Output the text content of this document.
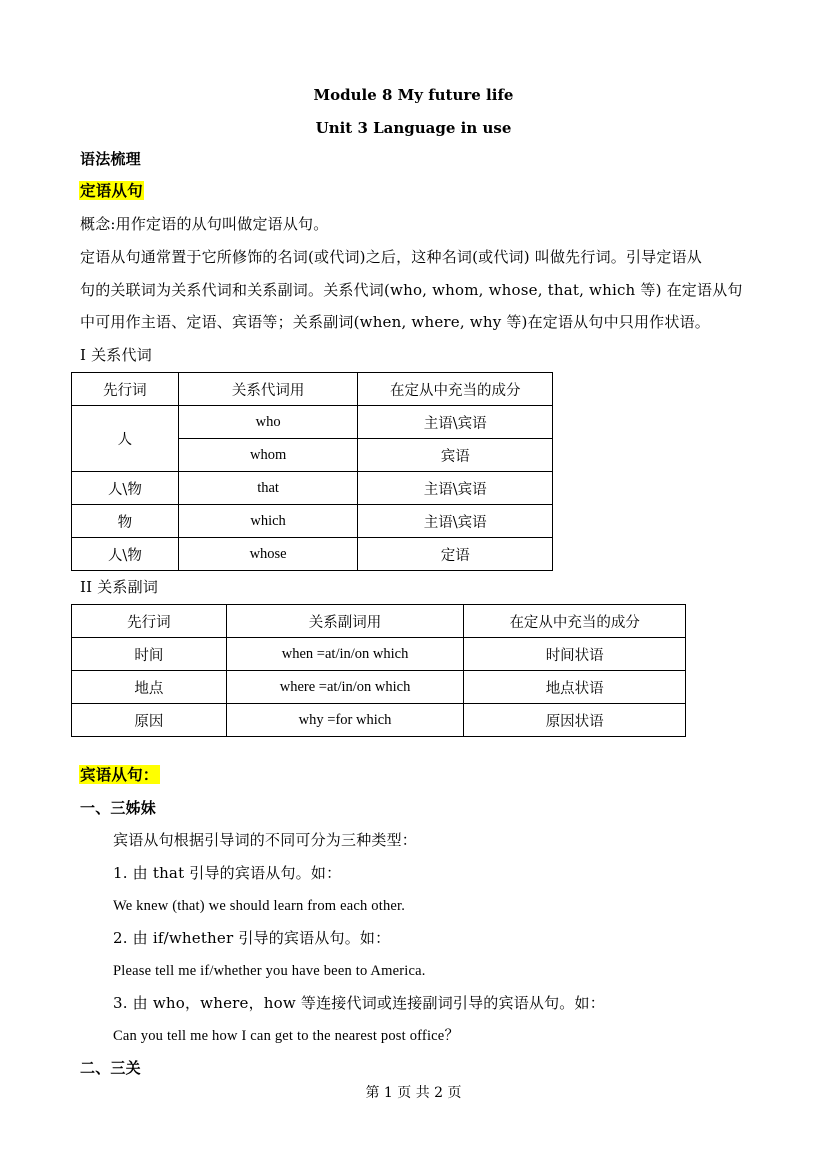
Module 8 My future life
Unit 3 Language in use
语法梳理
定语从句
概念:用作定语的从句叫做定语从句。
定语从句通常置于它所修饰的名词(或代词)之后，这种名词(或代词) 叫做先行词。引导定语从
句的关联词为关系代词和关系副词。关系代词(who, whom, whose, that, which 等) 在定语从句
中可用作主语、定语、宾语等；关系副词(when, where, why 等)在定语从句中只用作状语。
I 关系代词
先行词	关系代词用	在定从中充当的成分
人	who	主语\宾语
	whom	宾语
人\物	that	主语\宾语
物	which	主语\宾语
人\物	whose	定语
II 关系副词
先行词	关系副词用	在定从中充当的成分
时间	when =at/in/on which	时间状语
地点	where =at/in/on which	地点状语
原因	why =for which	原因状语
宾语从句：
一、三姊妹
宾语从句根据引导词的不同可分为三种类型：
1. 由 that 引导的宾语从句。如：
We knew (that) we should learn from each other.
2. 由 if/whether 引导的宾语从句。如：
Please tell me if/whether you have been to America.
3. 由 who，where，how 等连接代词或连接副词引导的宾语从句。如：
Can you tell me how I can get to the nearest post office？
二、三关
第 1 页 共 2 页
